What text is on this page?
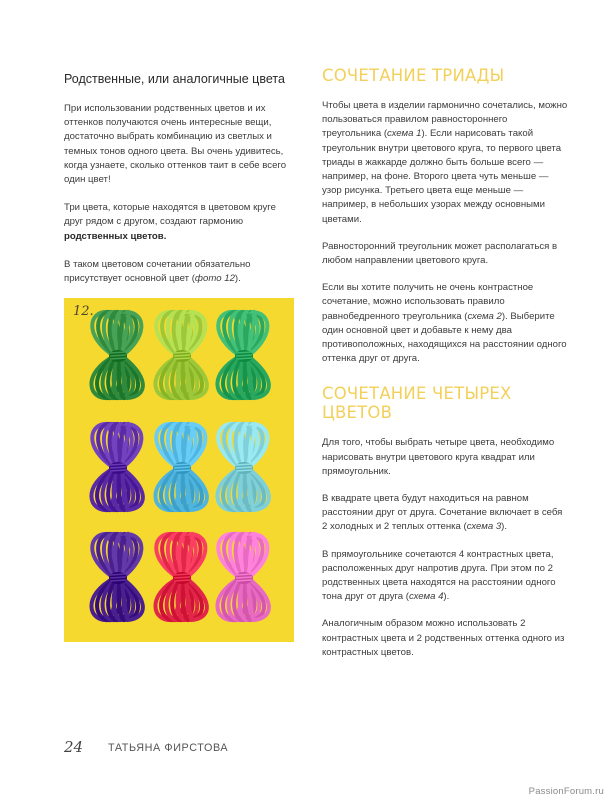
Родственные, или аналогичные цвета

При использовании родственных цветов и их оттенков получаются очень интересные вещи, достаточно выбрать комбинацию из светлых и темных тонов одного цвета. Вы очень удивитесь, когда узнаете, сколько оттенков таит в себе всего один цвет!

Три цвета, которые находятся в цветовом круге друг рядом с другом, создают гармонию родственных цветов.

В таком цветовом сочетании обязательно присутствует основной цвет (фото 12).

12.
СОЧЕТАНИЕ ТРИАДЫ

Чтобы цвета в изделии гармонично сочетались, можно пользоваться правилом равностороннего треугольника (схема 1). Если нарисовать такой треугольник внутри цветового круга, то первого цвета триады в жаккарде должно быть больше всего — например, на фоне. Второго цвета чуть меньше — узор рисунка. Третьего цвета еще меньше — например, в небольших узорах между основными цветами.

Равносторонний треугольник может располагаться в любом направлении цветового круга.

Если вы хотите получить не очень контрастное сочетание, можно использовать правило равнобедренного треугольника (схема 2). Выберите один основной цвет и добавьте к нему два противоположных, находящихся на расстоянии одного оттенка друг от друга.

СОЧЕТАНИЕ ЧЕТЫРЕХ ЦВЕТОВ

Для того, чтобы выбрать четыре цвета, необходимо нарисовать внутри цветового круга квадрат или прямоугольник.

В квадрате цвета будут находиться на равном расстоянии друг от друга. Сочетание включает в себя 2 холодных и 2 теплых оттенка (схема 3).

В прямоугольнике сочетаются 4 контрастных цвета, расположенных друг напротив друга. При этом по 2 родственных цвета находятся на расстоянии одного тона друг от друга (схема 4).

Аналогичным образом можно использовать 2 контрастных цвета и 2 родственных оттенка одного из контрастных цветов.

24 ТАТЬЯНА ФИРСТОВА
PassionForum.ru
